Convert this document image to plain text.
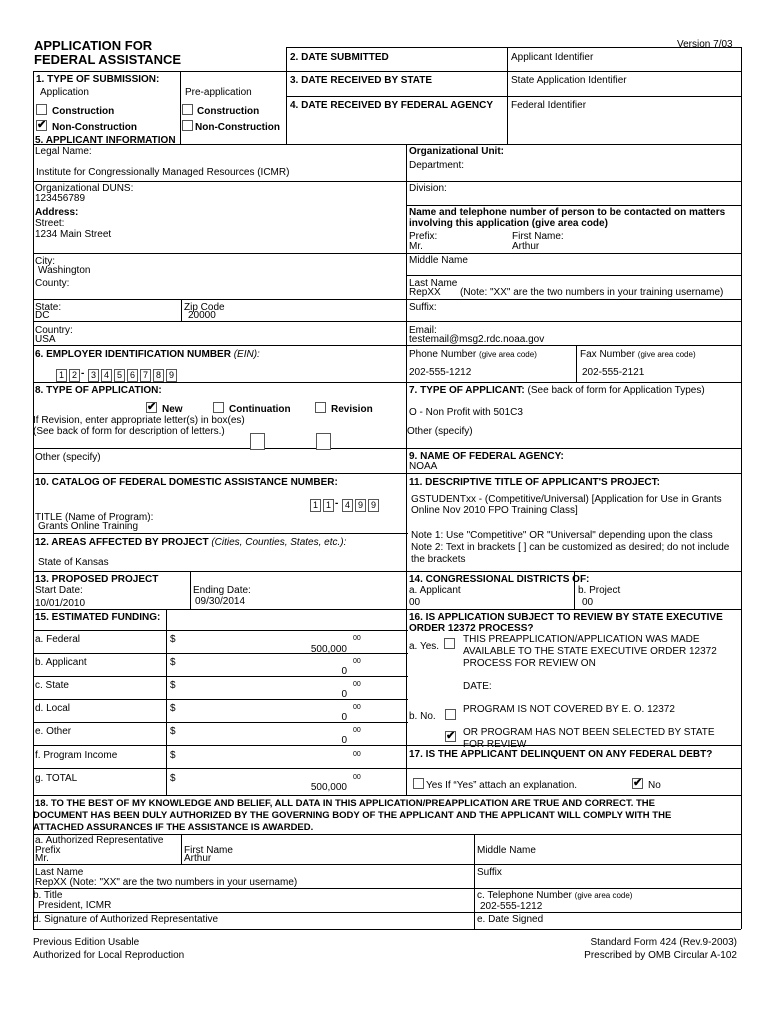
APPLICATION FOR
FEDERAL ASSISTANCE
Version 7/03
2. DATE SUBMITTED	Applicant Identifier
3. DATE RECEIVED BY STATE	State Application Identifier
4. DATE RECEIVED BY FEDERAL AGENCY Federal Identifier
1. TYPE OF SUBMISSION:
Application	Pre-application
Construction	Construction
✔
Non-Construction	Non-Construction
5. APPLICANT INFORMATION
Legal Name:
Institute for Congressionally Managed Resources (ICMR)
Organizational Unit:
Department:
Organizational DUNS:
123456789
Division:
Address:
Street:
1234 Main Street
Name and telephone number of person to be contacted on matters
involving this application (give area code)
Prefix:
Mr.
First Name:
Arthur
City:
Washington
Middle Name
County:	Last Name
RepXX (Note: "XX" are the two numbers in your training username)
State:
DC
Zip Code
20000
Suffix:
Country:
USA
Email:
testemail@msg2.rdc.noaa.gov
6. EMPLOYER IDENTIFICATION NUMBER (EIN):	Phone Number (give area code)	Fax Number (give area code)
202-555-1212	202-555-2121
1 2 - 3 4 5 6 7 8 9
8. TYPE OF APPLICATION:
✔
New	Continuation	Revision
If Revision, enter appropriate letter(s) in box(es)
(See back of form for description of letters.)
Other (specify)
7. TYPE OF APPLICANT: (See back of form for Application Types)
O - Non Profit with 501C3
Other (specify)
9. NAME OF FEDERAL AGENCY:
NOAA
10. CATALOG OF FEDERAL DOMESTIC ASSISTANCE NUMBER:
1 1 - 4 9 9
TITLE (Name of Program):
Grants Online Training
11. DESCRIPTIVE TITLE OF APPLICANT'S PROJECT:
GSTUDENTxx - (Competitive/Universal) [Application for Use in Grants
Online Nov 2010 FPO Training Class]
Note 1: Use "Competitive" OR "Universal" depending upon the class
Note 2: Text in brackets [ ] can be customized as desired; do not include
the brackets
12. AREAS AFFECTED BY PROJECT (Cities, Counties, States, etc.):
State of Kansas
13. PROPOSED PROJECT
Start Date:
10/01/2010
Ending Date:
09/30/2014
14. CONGRESSIONAL DISTRICTS OF:
a. Applicant
00
b. Project
00
15. ESTIMATED FUNDING:
a. Federal	$
500,000
00
b. Applicant	$
0
00
c. State	$
0
00
d. Local	$
0
00
e. Other	$
0
00
f. Program Income	$	00
g. TOTAL	$
500,000
00
16. IS APPLICATION SUBJECT TO REVIEW BY STATE EXECUTIVE
ORDER 12372 PROCESS?
a. Yes.
THIS PREAPPLICATION/APPLICATION WAS MADE
AVAILABLE TO THE STATE EXECUTIVE ORDER 12372
PROCESS FOR REVIEW ON
DATE:
b. No.
PROGRAM IS NOT COVERED BY E. O. 12372
✔
OR PROGRAM HAS NOT BEEN SELECTED BY STATE
FOR REVIEW
17. IS THE APPLICANT DELINQUENT ON ANY FEDERAL DEBT?
Yes If “Yes” attach an explanation.
✔	No
18. TO THE BEST OF MY KNOWLEDGE AND BELIEF, ALL DATA IN THIS APPLICATION/PREAPPLICATION ARE TRUE AND CORRECT. THE
DOCUMENT HAS BEEN DULY AUTHORIZED BY THE GOVERNING BODY OF THE APPLICANT AND THE APPLICANT WILL COMPLY WITH THE
ATTACHED ASSURANCES IF THE ASSISTANCE IS AWARDED.
a. Authorized Representative
Prefix
Mr.
First Name
Arthur
Middle Name
Last Name
RepXX (Note: "XX" are the two numbers in your username)
Suffix
b. Title
President, ICMR
c. Telephone Number (give area code)
202-555-1212
d. Signature of Authorized Representative	e. Date Signed
Previous Edition Usable
Authorized for Local Reproduction
Standard Form 424 (Rev.9-2003)
Prescribed by OMB Circular A-102
